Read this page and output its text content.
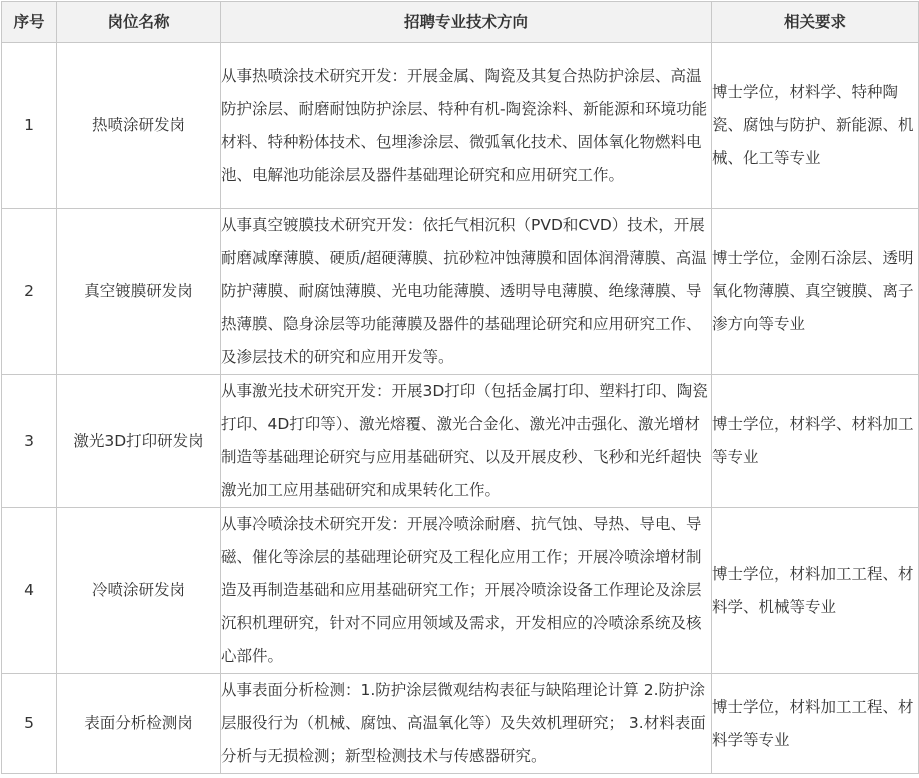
序号	岗位名称	招聘专业技术方向	相关要求
1	热喷涂研发岗	从事热喷涂技术研究开发：开展金属、陶瓷及其复合热防护涂层、高温防护涂层、耐磨耐蚀防护涂层、特种有机-陶瓷涂料、新能源和环境功能材料、特种粉体技术、包埋渗涂层、微弧氧化技术、固体氧化物燃料电池、电解池功能涂层及器件基础理论研究和应用研究工作。	博士学位，材料学、特种陶瓷、腐蚀与防护、新能源、机械、化工等专业
2	真空镀膜研发岗	从事真空镀膜技术研究开发：依托气相沉积（PVD和CVD）技术，开展耐磨减摩薄膜、硬质/超硬薄膜、抗砂粒冲蚀薄膜和固体润滑薄膜、高温防护薄膜、耐腐蚀薄膜、光电功能薄膜、透明导电薄膜、绝缘薄膜、导热薄膜、隐身涂层等功能薄膜及器件的基础理论研究和应用研究工作、及渗层技术的研究和应用开发等。	博士学位，金刚石涂层、透明氧化物薄膜、真空镀膜、离子渗方向等专业
3	激光3D打印研发岗	从事激光技术研究开发：开展3D打印（包括金属打印、塑料打印、陶瓷打印、4D打印等）、激光熔覆、激光合金化、激光冲击强化、激光增材制造等基础理论研究与应用基础研究、以及开展皮秒、飞秒和光纤超快激光加工应用基础研究和成果转化工作。	博士学位，材料学、材料加工等专业
4	冷喷涂研发岗	从事冷喷涂技术研究开发：开展冷喷涂耐磨、抗气蚀、导热、导电、导磁、催化等涂层的基础理论研究及工程化应用工作；开展冷喷涂增材制造及再制造基础和应用基础研究工作；开展冷喷涂设备工作理论及涂层沉积机理研究，针对不同应用领域及需求，开发相应的冷喷涂系统及核心部件。	博士学位，材料加工工程、材料学、机械等专业
5	表面分析检测岗	从事表面分析检测：1.防护涂层微观结构表征与缺陷理论计算 2.防护涂层服役行为（机械、腐蚀、高温氧化等）及失效机理研究； 3.材料表面分析与无损检测；新型检测技术与传感器研究。	博士学位，材料加工工程、材料学等专业
